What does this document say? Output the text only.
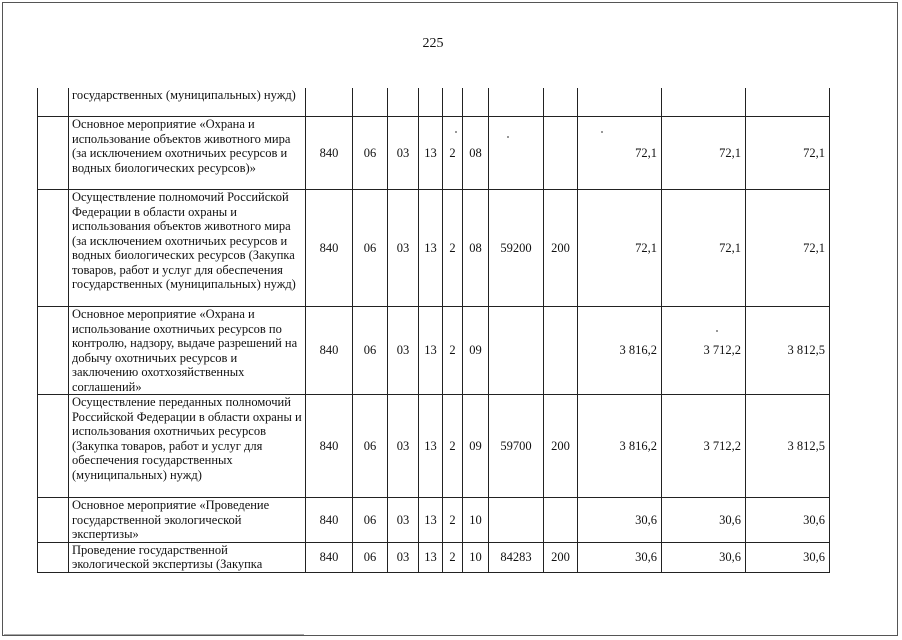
225
	государственных (муниципальных) нужд)											
	Основное мероприятие «Охрана и использование объектов животного мира (за исключением охотничьих ресурсов и водных биологических ресурсов)»	840	06	03	13	2	08			72,1	72,1	72,1
	Осуществление полномочий Российской Федерации в области охраны и использования объектов животного мира (за исключением охотничьих ресурсов и водных биологических ресурсов (Закупка товаров, работ и услуг для обеспечения государственных (муниципальных) нужд)	840	06	03	13	2	08	59200	200	72,1	72,1	72,1
	Основное мероприятие «Охрана и использование охотничьих ресурсов по контролю, надзору, выдаче разрешений на добычу охотничьих ресурсов и заключению охотхозяйственных соглашений»	840	06	03	13	2	09			3 816,2	3 712,2	3 812,5
	Осуществление переданных полномочий Российской Федерации в области охраны и использования охотничьих ресурсов (Закупка товаров, работ и услуг для обеспечения государственных (муниципальных) нужд)	840	06	03	13	2	09	59700	200	3 816,2	3 712,2	3 812,5
	Основное мероприятие «Проведение государственной экологической экспертизы»	840	06	03	13	2	10			30,6	30,6	30,6
	Проведение государственной экологической экспертизы (Закупка	840	06	03	13	2	10	84283	200	30,6	30,6	30,6
